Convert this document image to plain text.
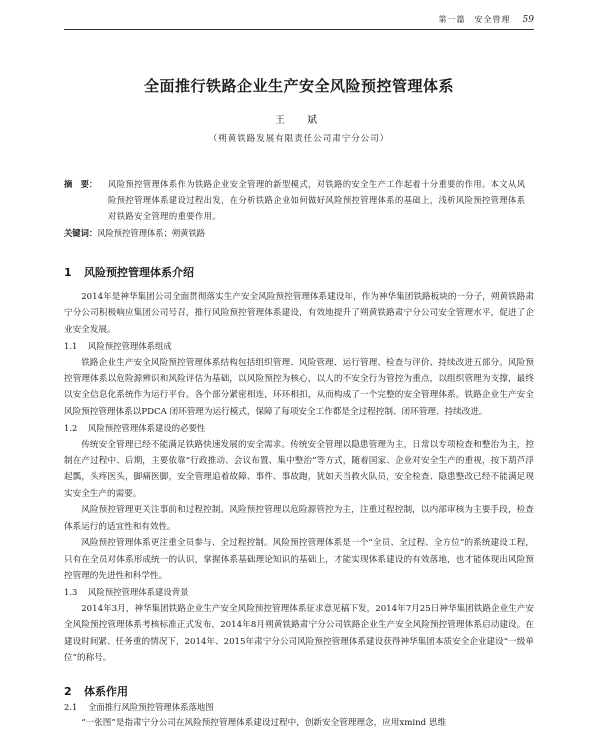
第一篇　安全管理 59
全面推行铁路企业生产安全风险预控管理体系
王　斌
（朔黄铁路发展有限责任公司肃宁分公司）
摘　要：	风险预控管理体系作为铁路企业安全管理的新型模式，对铁路的安全生产工作起着十分重要的作用。本文从风险预控管理体系建设过程出发，在分析铁路企业如何做好风险预控管理体系的基础上，浅析风险预控管理体系对铁路安全管理的重要作用。
关键词：风险预控管理体系；朔黄铁路
1 风险预控管理体系介绍

2014年是神华集团公司全面贯彻落实生产安全风险预控管理体系建设年，作为神华集团铁路板块的一分子，朔黄铁路肃宁分公司积极响应集团公司号召，推行风险预控管理体系建设，有效地提升了朔黄铁路肃宁分公司安全管理水平，促进了企业安全发展。

1.1 风险预控管理体系组成

铁路企业生产安全风险预控管理体系结构包括组织管理、风险管理、运行管理、检查与评价、持续改进五部分。风险预控管理体系以危险源辨识和风险评估为基础，以风险预控为核心，以人的不安全行为管控为重点，以组织管理为支撑，最终以安全信息化系统作为运行平台。各个部分紧密相连，环环相扣，从而构成了一个完整的安全管理体系。铁路企业生产安全风险预控管理体系以PDCA 闭环管理为运行模式，保障了每项安全工作都是全过程控制、闭环管理、持续改进。

1.2 风险预控管理体系建设的必要性

传统安全管理已经不能满足铁路快速发展的安全需求。传统安全管理以隐患管理为主，日常以专项检查和整治为主，控制在产过程中、后期，主要依靠“行政推动、会议布置、集中整治”等方式，随着国家、企业对安全生产的重视，按下葫芦浮起瓢，头疼医头，脚痛医脚，安全管理追着故障、事件、事故跑，犹如天当救火队员，安全检查、隐患整改已经不能满足现实安全生产的需要。

风险预控管理更关注事前和过程控制。风险预控管理以危险源管控为主，注重过程控制，以内部审核为主要手段，检查体系运行的适宜性和有效性。

风险预控管理体系更注重全员参与、全过程控制。风险预控管理体系是一个“全员、全过程、全方位”的系统建设工程，只有在全员对体系形成统一的认识，掌握体系基础理论知识的基础上，才能实现体系建设的有效落地，也才能体现出风险预控管理的先进性和科学性。

1.3 风险预控管理体系建设背景

2014年3月，神华集团铁路企业生产安全风险预控管理体系征求意见稿下发，2014年7月25日神华集团铁路企业生产安全风险预控管理体系考核标准正式发布，2014年8月朔黄铁路肃宁分公司铁路企业生产安全风险预控管理体系启动建设。在建设时间紧、任务重的情况下，2014年、2015年肃宁分公司风险预控管理体系建设获得神华集团本质安全企业建设“一级单位”的称号。

2 体系作用
2.1 全面推行风险预控管理体系落地图

“一张图”是指肃宁分公司在风险预控管理体系建设过程中，创新安全管理理念，应用xmind 思维
